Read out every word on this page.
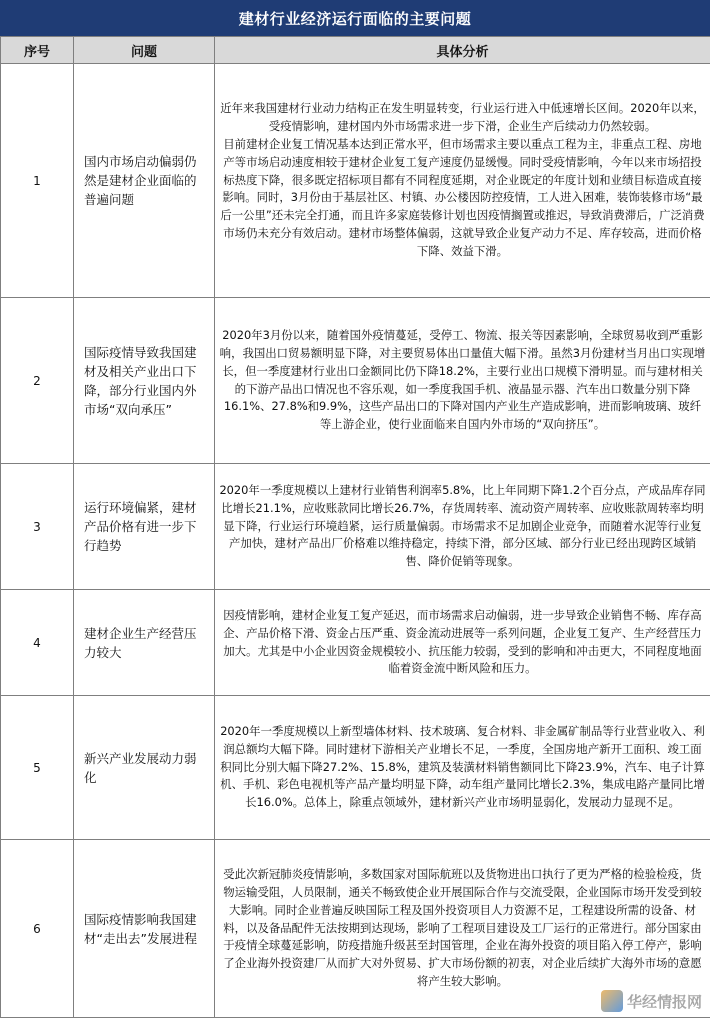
建材行业经济运行面临的主要问题
序号	问题	具体分析
1	国内市场启动偏弱仍然是建材企业面临的普遍问题	近年来我国建材行业动力结构正在发生明显转变，行业运行进入中低速增长区间。2020年以来，受疫情影响，建材国内外市场需求进一步下滑，企业生产后续动力仍然较弱。
目前建材企业复工情况基本达到正常水平，但市场需求主要以重点工程为主，非重点工程、房地产等市场启动速度相较于建材企业复工复产速度仍显缓慢。同时受疫情影响，今年以来市场招投标热度下降，很多既定招标项目都有不同程度延期，对企业既定的年度计划和业绩目标造成直接影响。同时，3月份由于基层社区、村镇、办公楼因防控疫情，工人进入困难，装饰装修市场“最后一公里”还未完全打通，而且许多家庭装修计划也因疫情搁置或推迟，导致消费滞后，广泛消费市场仍未充分有效启动。建材市场整体偏弱，这就导致企业复产动力不足、库存较高，进而价格下降、效益下滑。

2	国际疫情导致我国建材及相关产业出口下降，部分行业国内外市场“双向承压”	2020年3月份以来，随着国外疫情蔓延，受停工、物流、报关等因素影响，全球贸易收到严重影响，我国出口贸易额明显下降，对主要贸易体出口量值大幅下滑。虽然3月份建材当月出口实现增长，但一季度建材行业出口金额同比仍下降18.2%，主要行业出口规模下滑明显。而与建材相关的下游产品出口情况也不容乐观，如一季度我国手机、液晶显示器、汽车出口数量分别下降16.1%、27.8%和9.9%，这些产品出口的下降对国内产业生产造成影响，进而影响玻璃、玻纤等上游企业，使行业面临来自国内外市场的“双向挤压”。

3	运行环境偏紧，建材产品价格有进一步下行趋势	2020年一季度规模以上建材行业销售利润率5.8%，比上年同期下降1.2个百分点，产成品库存同比增长21.1%，应收账款同比增长26.7%，存货周转率、流动资产周转率、应收账款周转率均明显下降，行业运行环境趋紧，运行质量偏弱。市场需求不足加剧企业竞争，而随着水泥等行业复产加快，建材产品出厂价格难以维持稳定，持续下滑，部分区域、部分行业已经出现跨区域销售、降价促销等现象。

4	建材企业生产经营压力较大	因疫情影响，建材企业复工复产延迟，而市场需求启动偏弱，进一步导致企业销售不畅、库存高企、产品价格下滑、资金占压严重、资金流动进展等一系列问题，企业复工复产、生产经营压力加大。尤其是中小企业因资金规模较小、抗压能力较弱，受到的影响和冲击更大，不同程度地面临着资金流中断风险和压力。

5	新兴产业发展动力弱化	2020年一季度规模以上新型墙体材料、技术玻璃、复合材料、非金属矿制品等行业营业收入、利润总额均大幅下降。同时建材下游相关产业增长不足，一季度，全国房地产新开工面积、竣工面积同比分别大幅下降27.2%、15.8%，建筑及装潢材料销售额同比下降23.9%，汽车、电子计算机、手机、彩色电视机等产品产量均明显下降，动车组产量同比增长2.3%，集成电路产量同比增长16.0%。总体上，除重点领域外，建材新兴产业市场明显弱化，发展动力显现不足。

6	国际疫情影响我国建材“走出去”发展进程	受此次新冠肺炎疫情影响，多数国家对国际航班以及货物进出口执行了更为严格的检验检疫，货物运输受阻，人员限制，通关不畅致使企业开展国际合作与交流受限，企业国际市场开发受到较大影响。同时企业普遍反映国际工程及国外投资项目人力资源不足，工程建设所需的设备、材料，以及备品配件无法按期到达现场，影响了工程项目建设及工厂运行的正常进行。部分国家由于疫情全球蔓延影响，防疫措施升级甚至封国管理，企业在海外投资的项目陷入停工停产，影响了企业海外投资建厂从而扩大对外贸易、扩大市场份额的初衷，对企业后续扩大海外市场的意愿将产生较大影响。
华经情报网
